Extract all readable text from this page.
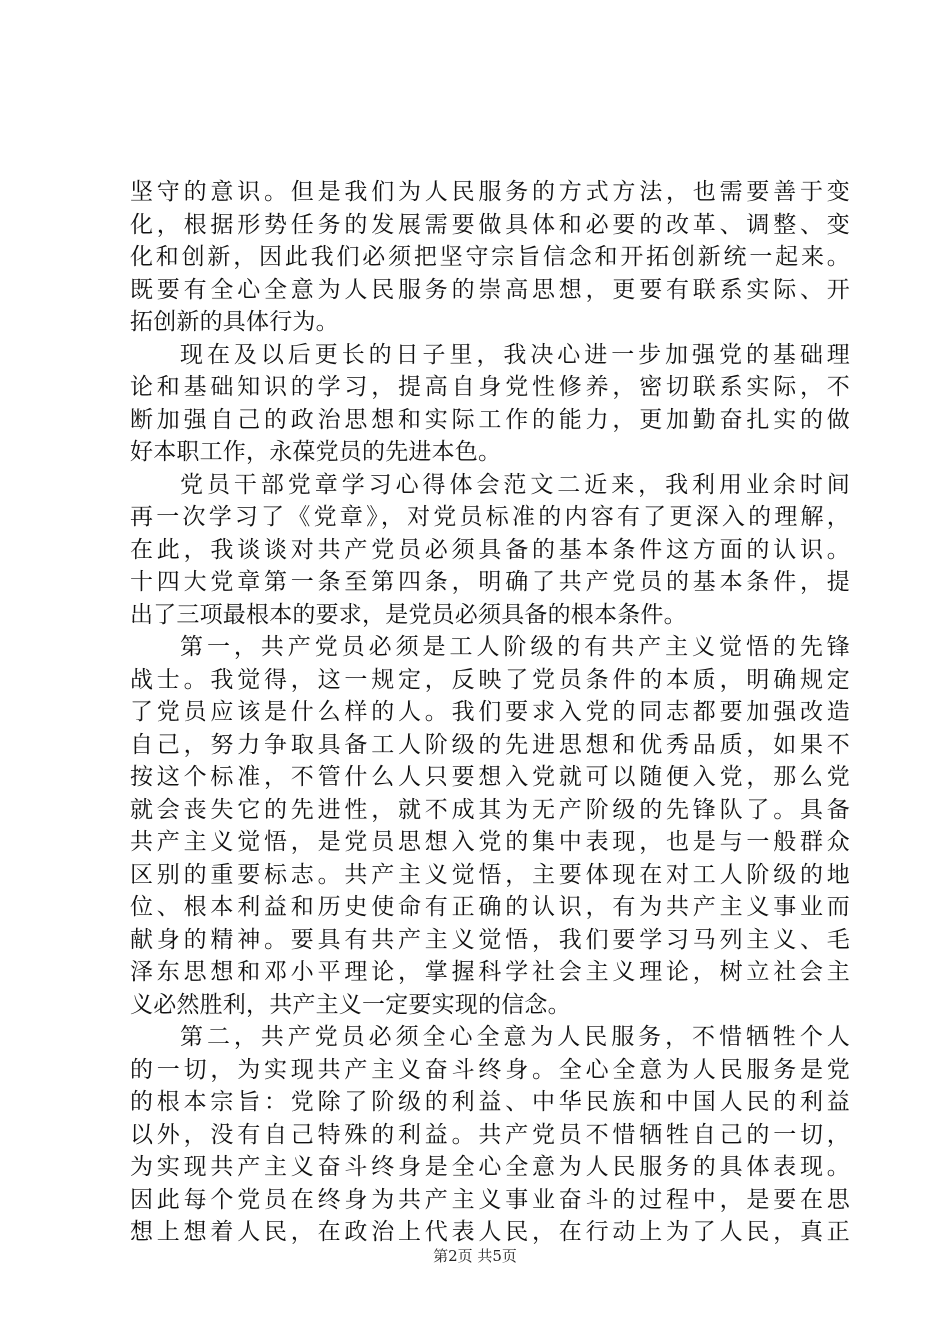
坚守的意识。但是我们为人民服务的方式方法，也需要善于变
化，根据形势任务的发展需要做具体和必要的改革、调整、变
化和创新，因此我们必须把坚守宗旨信念和开拓创新统一起来。
既要有全心全意为人民服务的崇高思想，更要有联系实际、开
拓创新的具体行为。
现在及以后更长的日子里，我决心进一步加强党的基础理
论和基础知识的学习，提高自身党性修养，密切联系实际，不
断加强自己的政治思想和实际工作的能力，更加勤奋扎实的做
好本职工作，永葆党员的先进本色。
党员干部党章学习心得体会范文二近来，我利用业余时间
再一次学习了《党章》，对党员标准的内容有了更深入的理解，
在此，我谈谈对共产党员必须具备的基本条件这方面的认识。
十四大党章第一条至第四条，明确了共产党员的基本条件，提
出了三项最根本的要求，是党员必须具备的根本条件。
第一，共产党员必须是工人阶级的有共产主义觉悟的先锋
战士。我觉得，这一规定，反映了党员条件的本质，明确规定
了党员应该是什么样的人。我们要求入党的同志都要加强改造
自己，努力争取具备工人阶级的先进思想和优秀品质，如果不
按这个标准，不管什么人只要想入党就可以随便入党，那么党
就会丧失它的先进性，就不成其为无产阶级的先锋队了。具备
共产主义觉悟，是党员思想入党的集中表现，也是与一般群众
区别的重要标志。共产主义觉悟，主要体现在对工人阶级的地
位、根本利益和历史使命有正确的认识，有为共产主义事业而
献身的精神。要具有共产主义觉悟，我们要学习马列主义、毛
泽东思想和邓小平理论，掌握科学社会主义理论，树立社会主
义必然胜利，共产主义一定要实现的信念。
第二，共产党员必须全心全意为人民服务，不惜牺牲个人
的一切，为实现共产主义奋斗终身。全心全意为人民服务是党
的根本宗旨：党除了阶级的利益、中华民族和中国人民的利益
以外，没有自己特殊的利益。共产党员不惜牺牲自己的一切，
为实现共产主义奋斗终身是全心全意为人民服务的具体表现。
因此每个党员在终身为共产主义事业奋斗的过程中，是要在思
想上想着人民，在政治上代表人民，在行动上为了人民，真正
第2页 共5页
